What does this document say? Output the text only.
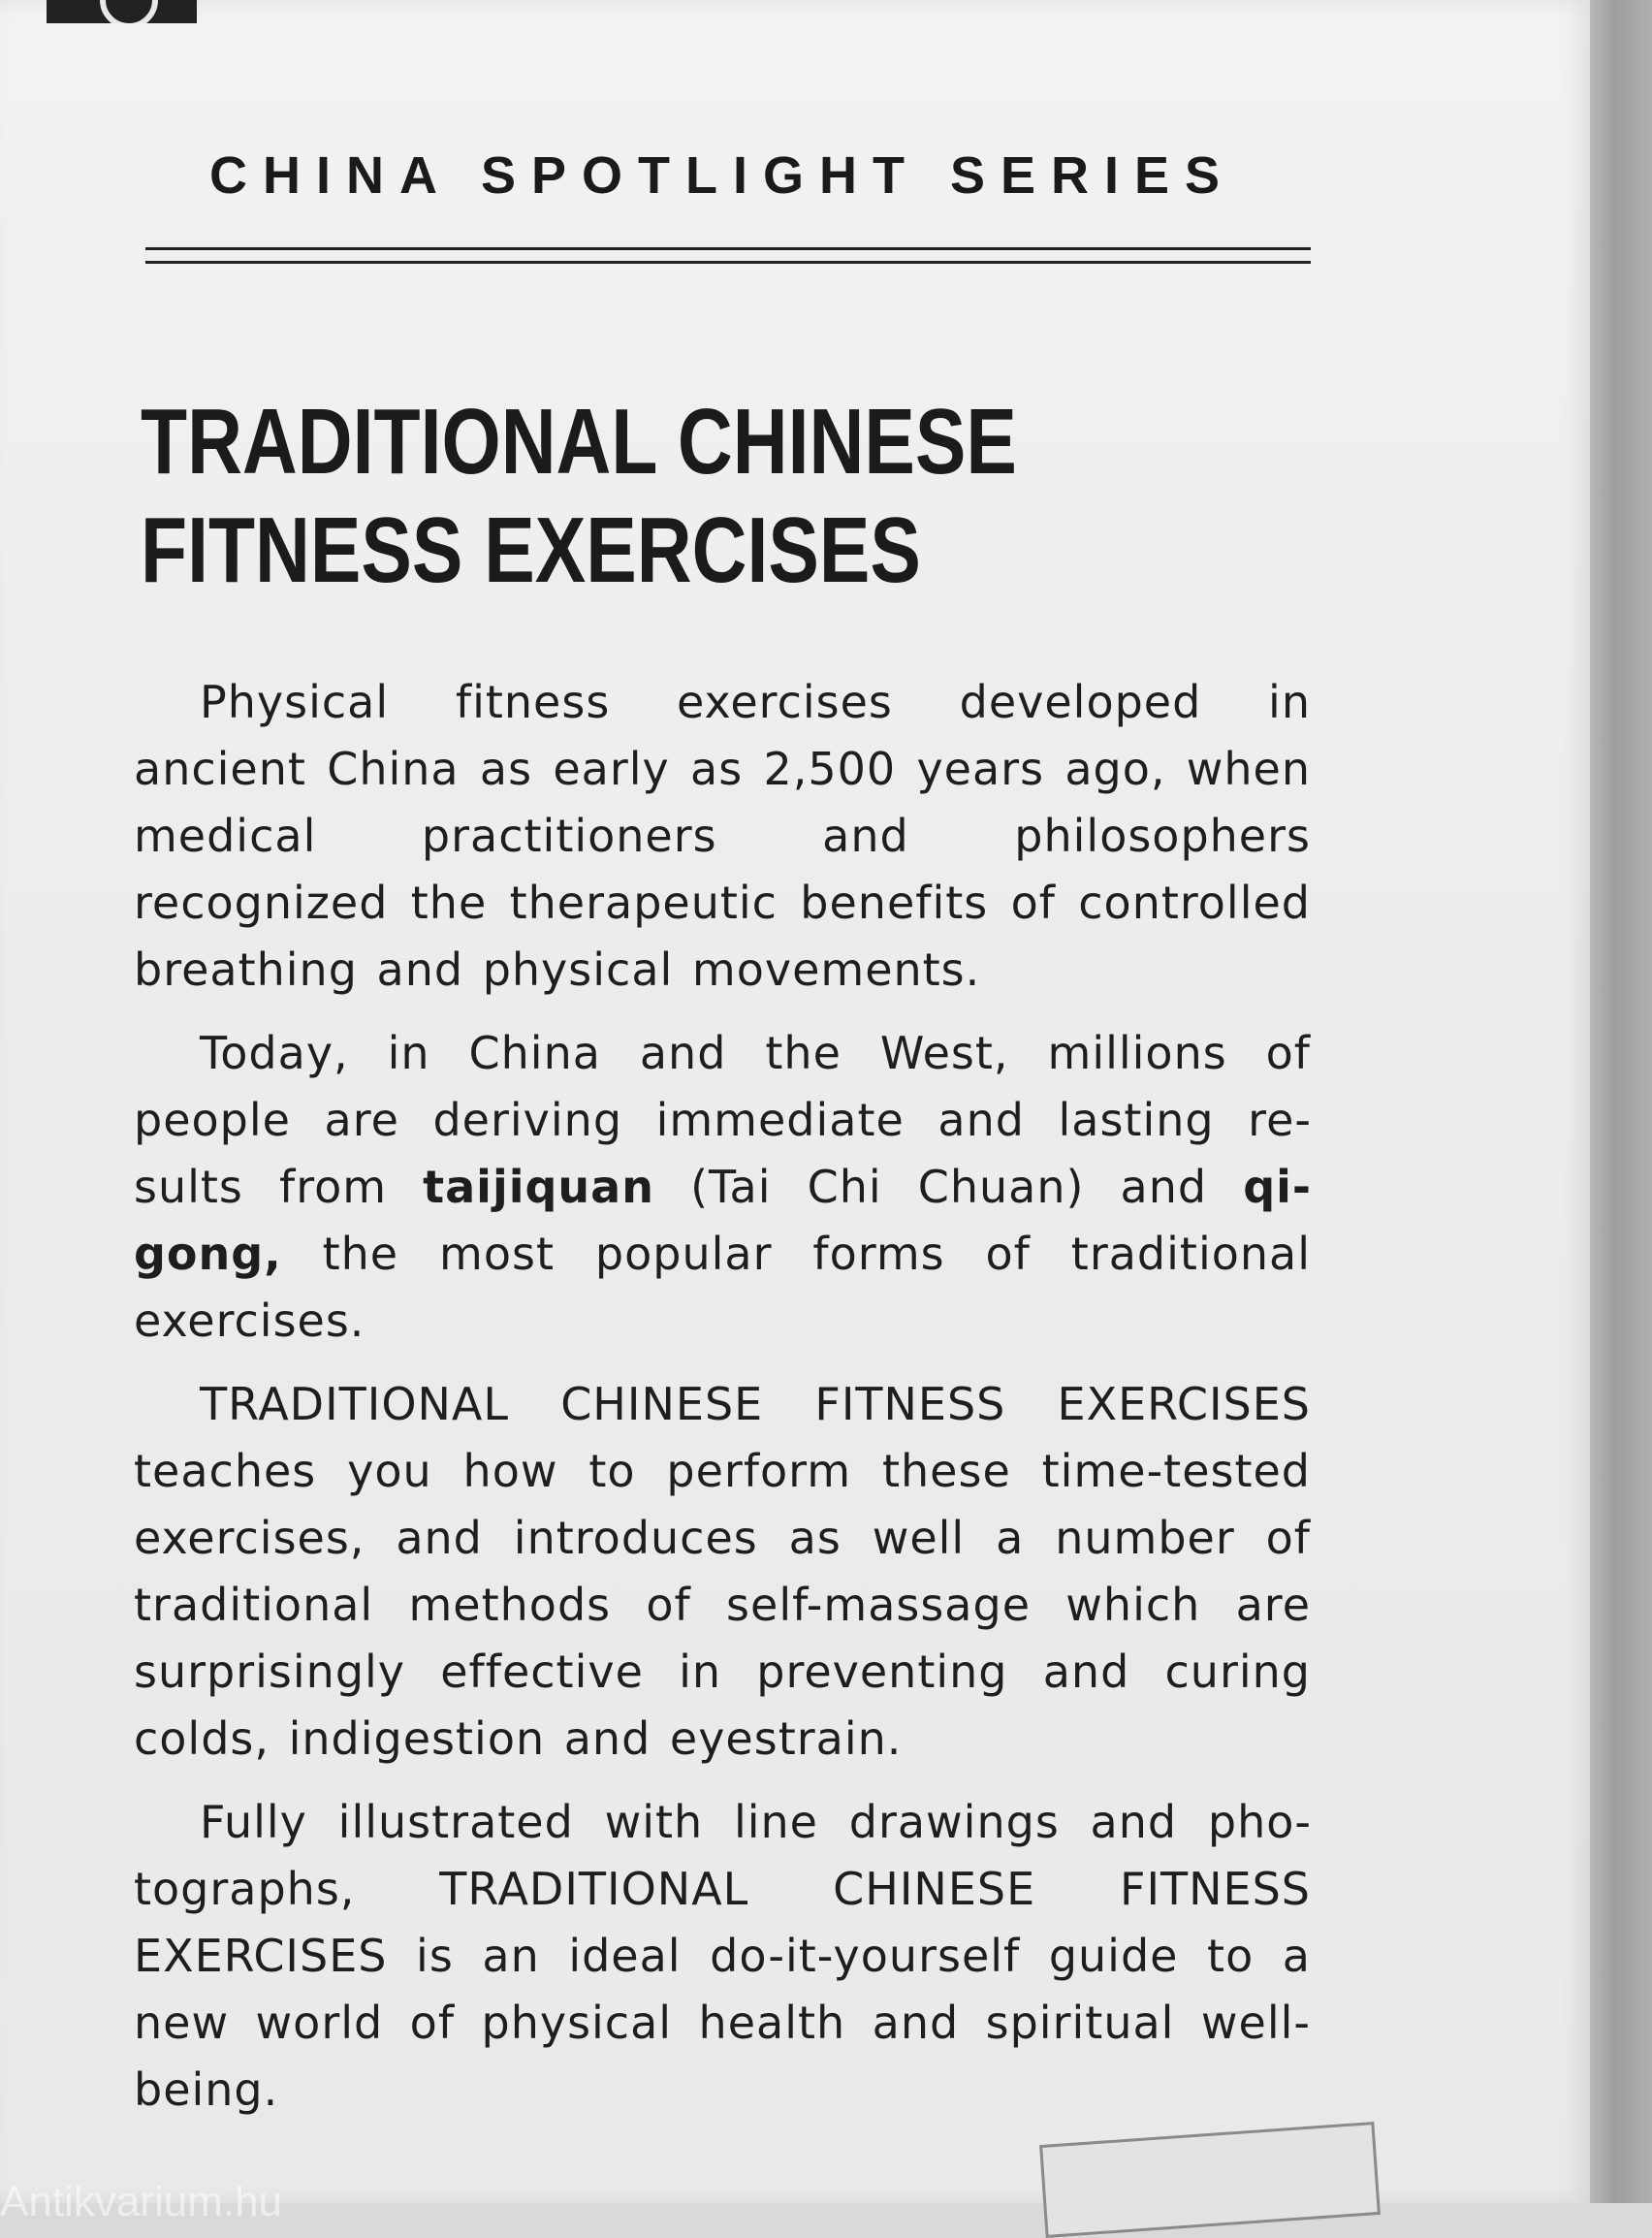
CHINA SPOTLIGHT SERIES
TRADITIONAL CHINESE
FITNESS EXERCISES

Physical fitness exercises developed in ancient China as early as 2,500 years ago, when medical practitioners and philosophers recognized the therapeutic benefits of controlled breathing and physical movements.

Today, in China and the West, millions of people are deriving immediate and lasting results from taijiquan (Tai Chi Chuan) and qigong, the most popular forms of traditional exercises.

TRADITIONAL CHINESE FITNESS EXERCISES teaches you how to perform these time-tested exercises, and introduces as well a number of traditional methods of self-massage which are surprisingly effective in preventing and curing colds, indigestion and eyestrain.

Fully illustrated with line drawings and photographs, TRADITIONAL CHINESE FITNESS EXERCISES is an ideal do-it-yourself guide to a new world of physical health and spiritual well-being.

Antikvarium.hu
